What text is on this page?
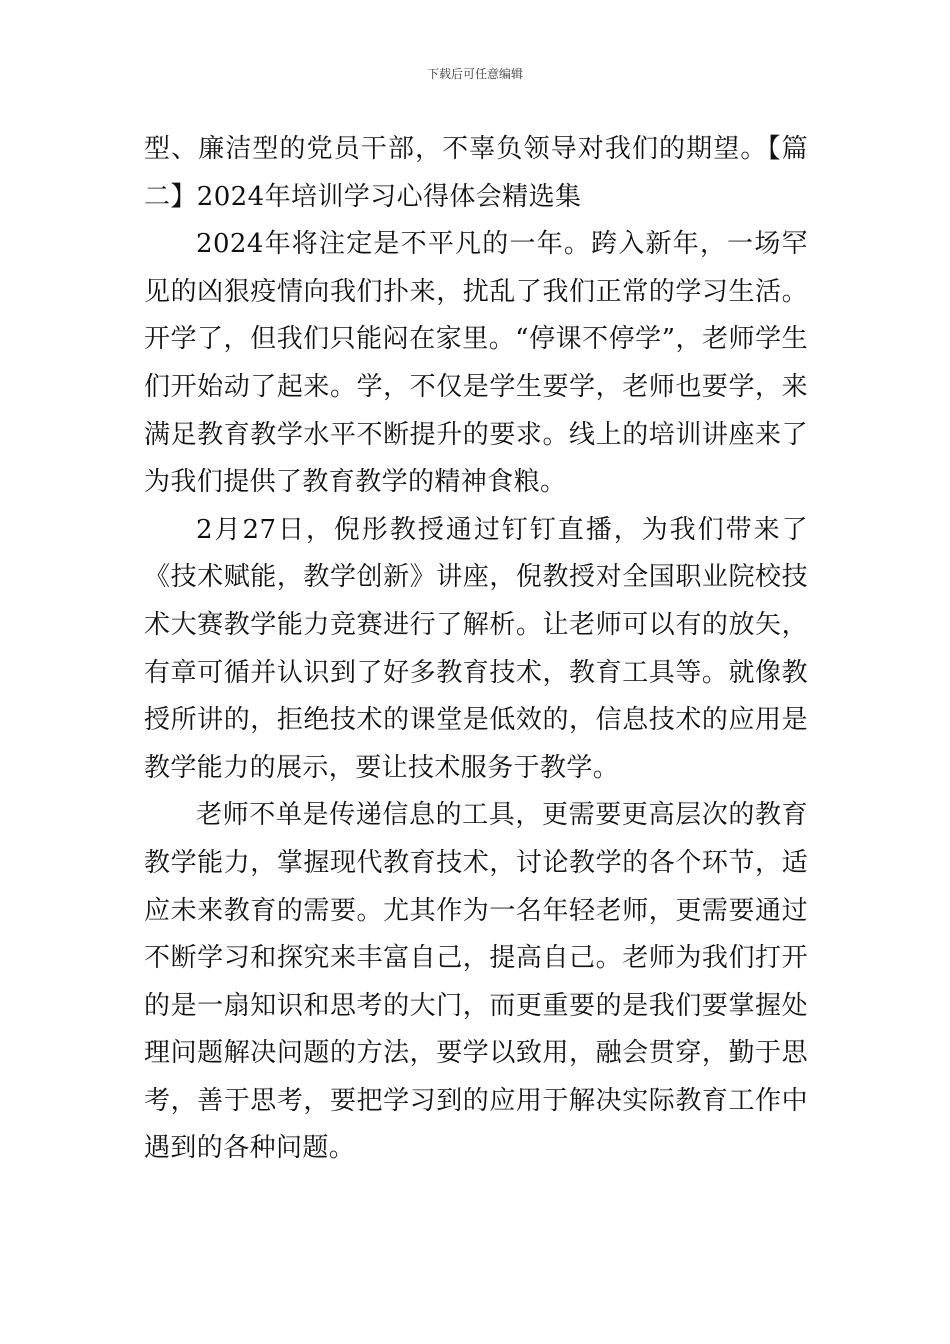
下载后可任意编辑

型、廉洁型的党员干部，不辜负领导对我们的期望。【篇二】2024年培训学习心得体会精选集

2024年将注定是不平凡的一年。跨入新年，一场罕见的凶狠疫情向我们扑来，扰乱了我们正常的学习生活。开学了，但我们只能闷在家里。“停课不停学”，老师学生们开始动了起来。学，不仅是学生要学，老师也要学，来满足教育教学水平不断提升的要求。线上的培训讲座来了为我们提供了教育教学的精神食粮。

2月27日，倪彤教授通过钉钉直播，为我们带来了《技术赋能，教学创新》讲座，倪教授对全国职业院校技术大赛教学能力竞赛进行了解析。让老师可以有的放矢，有章可循并认识到了好多教育技术，教育工具等。就像教授所讲的，拒绝技术的课堂是低效的，信息技术的应用是教学能力的展示，要让技术服务于教学。

老师不单是传递信息的工具，更需要更高层次的教育教学能力，掌握现代教育技术，讨论教学的各个环节，适应未来教育的需要。尤其作为一名年轻老师，更需要通过不断学习和探究来丰富自己，提高自己。老师为我们打开的是一扇知识和思考的大门，而更重要的是我们要掌握处理问题解决问题的方法，要学以致用，融会贯穿，勤于思考，善于思考，要把学习到的应用于解决实际教育工作中遇到的各种问题。
